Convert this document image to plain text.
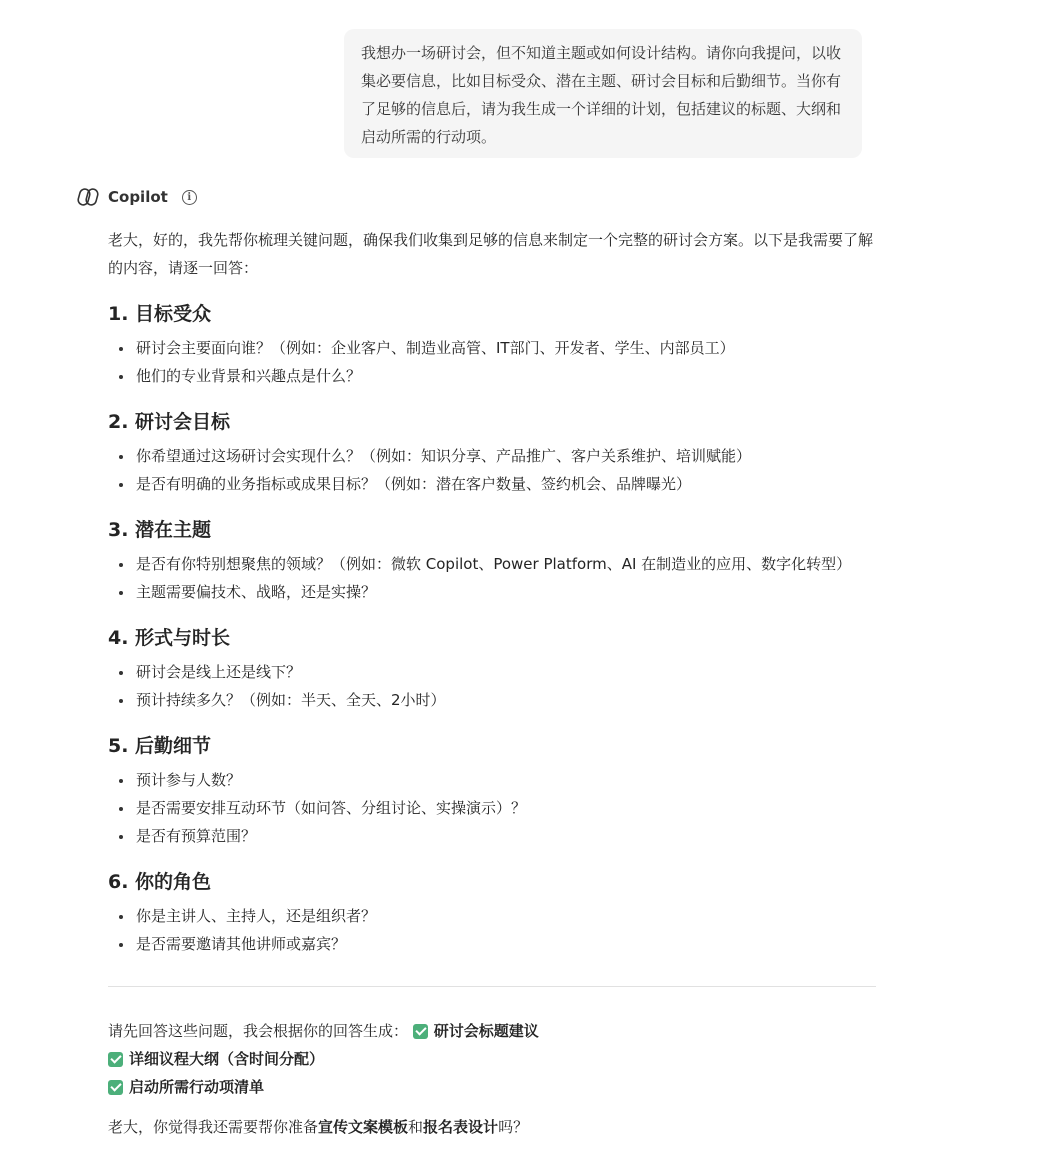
我想办一场研讨会，但不知道主题或如何设计结构。请你向我提问，以收集必要信息，比如目标受众、潜在主题、研讨会目标和后勤细节。当你有了足够的信息后，请为我生成一个详细的计划，包括建议的标题、大纲和启动所需的行动项。
Copilot	i

老大，好的，我先帮你梳理关键问题，确保我们收集到足够的信息来制定一个完整的研讨会方案。以下是我需要了解的内容，请逐一回答：

1. 目标受众
研讨会主要面向谁？（例如：企业客户、制造业高管、IT部门、开发者、学生、内部员工）
他们的专业背景和兴趣点是什么？
2. 研讨会目标
你希望通过这场研讨会实现什么？（例如：知识分享、产品推广、客户关系维护、培训赋能）
是否有明确的业务指标或成果目标？（例如：潜在客户数量、签约机会、品牌曝光）
3. 潜在主题
是否有你特别想聚焦的领域？（例如：微软 Copilot、Power Platform、AI 在制造业的应用、数字化转型）
主题需要偏技术、战略，还是实操？
4. 形式与时长
研讨会是线上还是线下？
预计持续多久？（例如：半天、全天、2小时）
5. 后勤细节
预计参与人数？
是否需要安排互动环节（如问答、分组讨论、实操演示）？
是否有预算范围？
6. 你的角色
你是主讲人、主持人，还是组织者？
是否需要邀请其他讲师或嘉宾？
请先回答这些问题，我会根据你的回答生成： 研讨会标题建议
详细议程大纲（含时间分配）
启动所需行动项清单
老大，你觉得我还需要帮你准备宣传文案模板和报名表设计吗？
